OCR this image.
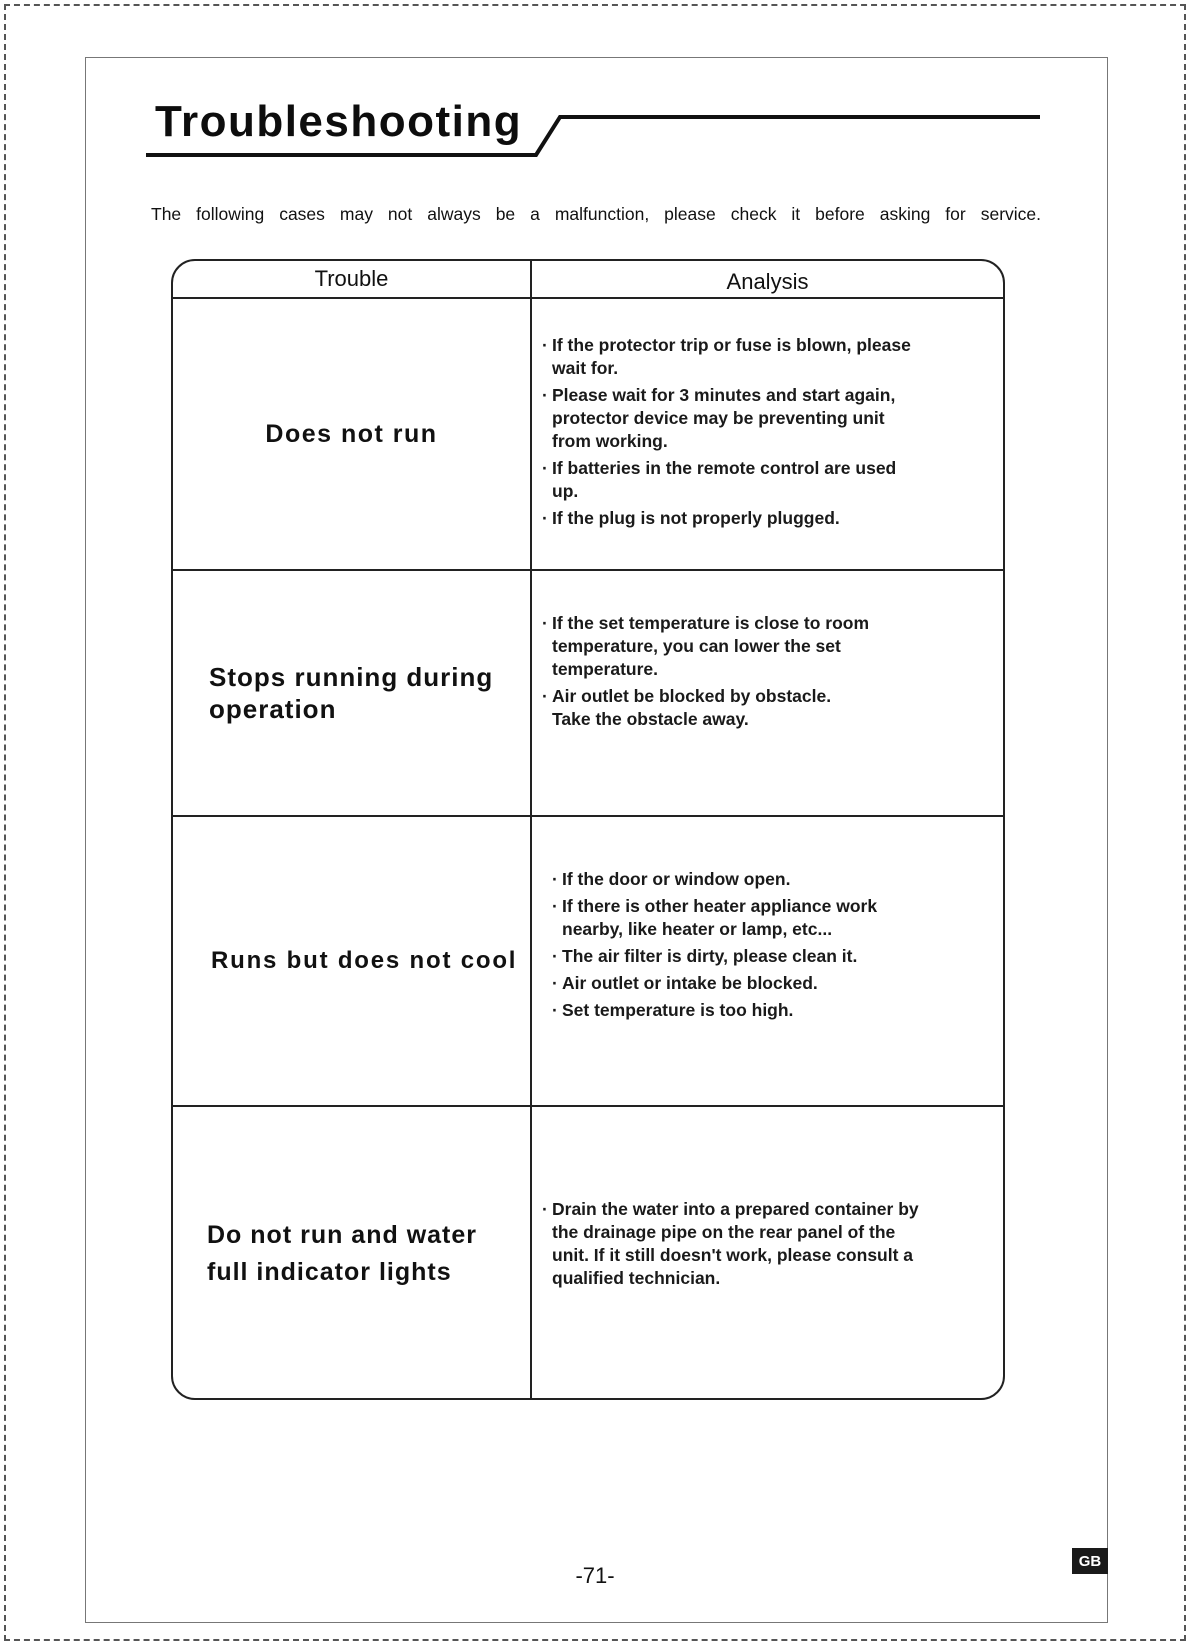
Troubleshooting
The following cases may not always be a malfunction, please check it before asking for service.
Trouble	Analysis
Does not run
· If the protector trip or fuse is blown, please wait for.
· Please wait for 3 minutes and start again, protector device may be preventing unit from working.
· If batteries in the remote control are used up.
· If the plug is not properly plugged.
Stops running during operation
· If the set temperature is close to room temperature, you can lower the set temperature.
· Air outlet be blocked by obstacle. Take the obstacle away.
Runs but does not cool
· If the door or window open.
· If there is other heater appliance work nearby, like heater or lamp, etc...
· The air filter is dirty, please clean it.
· Air outlet or intake be blocked.
· Set temperature is too high.
Do not run and water full indicator lights
· Drain the water into a prepared container by the drainage pipe on the rear panel of the unit. If it still doesn't work, please consult a qualified technician.
-71-
GB
